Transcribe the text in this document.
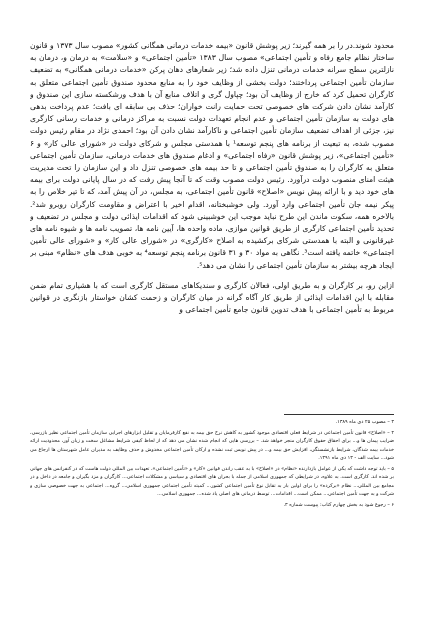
محدود شوند.در را بر همه گیرند؛ زیر پوشش قانون «بیمه خدمات درمانی همگانی کشور» مصوب سال ۱۳۷۳ و قانون ساختار نظام جامع رفاه و تأمین اجتماعی» مصوب سال ۱۳۸۳ «تأمین اجتماعی» و «سلامت» به درمان و، درمان به نازلترین سطح سرانه خدمات درمانی تنزل داده شد؛ زیر شعارهای دهان پرکن «خدمات درمانی همگانی» به تضعیف سازمان تأمین اجتماعی پرداختند؛ دولت بخشی از وظایف خود را به منابع محدود صندوق تأمین اجتماعی متعلق به کارگران تحمیل کرد که خارج از وظایف آن بود؛ چپاول گری و اتلاف منابع آن با هدف ورشکسته سازی این صندوق و کارآمد نشان دادن شرکت های خصوصی تحت حمایت رانت خواران؛ حذف بی سابقه ای بافت؛ عدم پرداخت بدهی های دولت به سازمان تأمین اجتماعی و عدم انجام تعهدات دولت نسبت به مراکز درمانی و خدمات رسانی کارگری نیز، جزئی از اهداف تضعیف سازمان تأمین اجتماعی و ناکارآمد نشان دادن آن بود؛ احمدی نژاد در مقام رئیس دولت مصوب شده، به تبعیت از برنامه های پنجم توسعه¹ با همدستی مجلس و شرکای دولت در «شورای عالی کار» و ۶ «تأمین اجتماعی»، زیر پوشش قانون «رفاه اجتماعی» و ادغام صندوق های خدمات درمانی، سازمان تأمین اجتماعی متعلق به کارگران را به صندوق تأمین اجتماعی و تا حد بیمه های خصوصی تنزل داد و این سازمان را تحت مدیریت هیئت امنای منصوب دولت درآورد. رئیس دولت مصوب وقت که تا آنجا پیش رفت که در سال پایانی دولت برای بیمه های خود دید و با ارائه پیش نویس «اصلاح» قانون تأمین اجتماعی، به مجلس، در آن پیش آمد، که تا تیر خلاص را به پیکر نیمه جان تأمین اجتماعی وارد آورد. ولی خوشبختانه، اقدام اخیر با اعتراض و مقاومت کارگران روبرو شد². بالاخره همه، سکوت ماندن این طرح نباید موجب این خوشبینی شود که اقدامات ایذائی دولت و مجلس در تضعیف و تحدید تأمین اجتماعی کارگری از طریق قوانین موازی، ماده واحده ها، آیین نامه ها، تصویب نامه ها و شیوه نامه های غیرقانونی و البته با همدستی شرکای برکشیده به اصلاح «کارگری» در «شورای عالی کار» و «شورای عالی تأمین اجتماعی» خاتمه یافته است³. نگاهی به مواد ۳۰ و ۳۱ قانون برنامه پنجم توسعه⁴ به خوبی هدف های «نظام» مبنی بر ایجاد هرچه بیشتر به سازمان تأمین اجتماعی را نشان می دهد⁵.

ازاین رو، بر کارگران و به طریق اولی، فعالان کارگری و سندیکاهای مستقل کارگری است که با هشیاری تمام ضمن مقابله با این اقدامات ایذائی از طریق کار آگاه گرانه در میان کارگران و زحمت کشان خواستار بازنگری در قوانین مربوط به تأمین اجتماعی با هدف تدوین قانون جامع تأمین اجتماعی و

۳ – مصوب ۲۵ دی ماه ۱۳۸۹.

۴ – «اصلاح» قانون تأمین اجتماعی در شرایط فعلی اقتصادی موجود کشور به کاهش نرخ حق بیمه به نفع کارفرمایان و تقلیل ابزارهای اجرایی سازمان تأمین اجتماعی نظیر بازرسی، ضرایب پیمان ها و... برای احقاق حقوق کارگران منجر خواهد شد. – بررسی هایی که انجام شده نشان می دهد که از لحاظ کیفی شرایط مشاغل سخت و زیان آور، محدودیت ارائه خدمات بیمه شدگان، شرایط بازنشستگی، افزایش حق بیمه و... در پیش نویس ثبت نشده و ارکان تأمین اجتماعی مخدوش و حذف وظایف به مدیران عامل شهرستان ها ارجاع می شود... سایت الف - ۱۳ دی ماه ۱۳۹۱.

۵ – باید توجه داشت که یکی از عوامل بازدارنده «نظام» در «اصلاح» با به عقب راندن قوانین «کار» و «تأمین اجتماعی»، تعهدات بین المللی دولت هاست که در کنفرانس های جهانی بر شده اند. کارگری است. به علاوه، در شرایطی که جمهوری اسلامی از جمله با بحران های اقتصادی و سیاسی و مشکلات اجتماعی... کارگران و مزد بگیران و جامعه در داخل و در مجامع بین المللی... نظام «برکرده» را برای اولین بار به تقابل نوع تأمین اجتماعی کشور... کمیته تأمین اجتماعی جمهوری اسلامی... گروه... اجتماعی به جهت خصوصی سازی و شرکت و به جهت تأمین اجتماعی... ممکن است... اقدامات... توسط درمانی های اصلی یاد شده... جمهوری اسلامی...

۶ – رجوع شود به بخش چهارم کتاب: پیوست شماره ۳.
